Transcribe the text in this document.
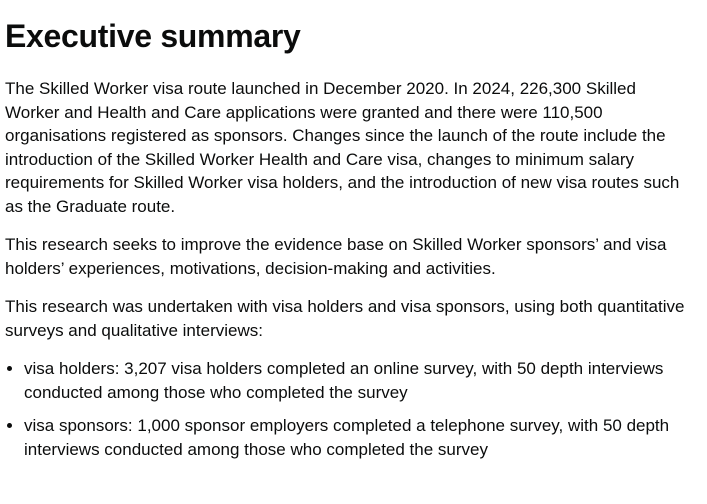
Executive summary

The Skilled Worker visa route launched in December 2020. In 2024, 226,300 Skilled Worker and Health and Care applications were granted and there were 110,500 organisations registered as sponsors. Changes since the launch of the route include the introduction of the Skilled Worker Health and Care visa, changes to minimum salary requirements for Skilled Worker visa holders, and the introduction of new visa routes such as the Graduate route.

This research seeks to improve the evidence base on Skilled Worker sponsors’ and visa holders’ experiences, motivations, decision-making and activities.

This research was undertaken with visa holders and visa sponsors, using both quantitative surveys and qualitative interviews:

• visa holders: 3,207 visa holders completed an online survey, with 50 depth interviews conducted among those who completed the survey
• visa sponsors: 1,000 sponsor employers completed a telephone survey, with 50 depth interviews conducted among those who completed the survey
